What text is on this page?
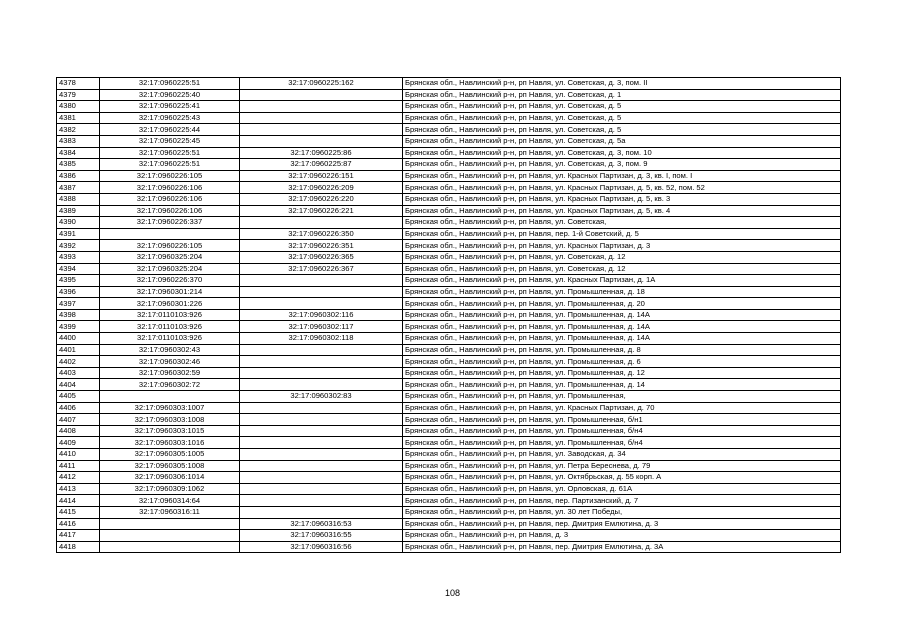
4378	32:17:0960225:51	32:17:0960225:162	Брянская обл., Навлинский р-н, рп Навля, ул. Советская, д. 3, пом. II
4379	32:17:0960225:40		Брянская обл., Навлинский р-н, рп Навля, ул. Советская, д. 1
4380	32:17:0960225:41		Брянская обл., Навлинский р-н, рп Навля, ул. Советская, д. 5
4381	32:17:0960225:43		Брянская обл., Навлинский р-н, рп Навля, ул. Советская, д. 5
4382	32:17:0960225:44		Брянская обл., Навлинский р-н, рп Навля, ул. Советская, д. 5
4383	32:17:0960225:45		Брянская обл., Навлинский р-н, рп Навля, ул. Советская, д. 5а
4384	32:17:0960225:51	32:17:0960225:86	Брянская обл., Навлинский р-н, рп Навля, ул. Советская, д. 3, пом. 10
4385	32:17:0960225:51	32:17:0960225:87	Брянская обл., Навлинский р-н, рп Навля, ул. Советская, д. 3, пом. 9
4386	32:17:0960226:105	32:17:0960226:151	Брянская обл., Навлинский р-н, рп Навля, ул. Красных Партизан, д. 3, кв. I, пом. I
4387	32:17:0960226:106	32:17:0960226:209	Брянская обл., Навлинский р-н, рп Навля, ул. Красных Партизан, д. 5, кв. 52, пом. 52
4388	32:17:0960226:106	32:17:0960226:220	Брянская обл., Навлинский р-н, рп Навля, ул. Красных Партизан, д. 5, кв. 3
4389	32:17:0960226:106	32:17:0960226:221	Брянская обл., Навлинский р-н, рп Навля, ул. Красных Партизан, д. 5, кв. 4
4390	32:17:0960226:337		Брянская обл., Навлинский р-н, рп Навля, ул. Советская,
4391		32:17:0960226:350	Брянская обл., Навлинский р-н, рп Навля, пер. 1-й Советский, д. 5
4392	32:17:0960226:105	32:17:0960226:351	Брянская обл., Навлинский р-н, рп Навля, ул. Красных Партизан, д. 3
4393	32:17:0960325:204	32:17:0960226:365	Брянская обл., Навлинский р-н, рп Навля, ул. Советская, д. 12
4394	32:17:0960325:204	32:17:0960226:367	Брянская обл., Навлинский р-н, рп Навля, ул. Советская, д. 12
4395	32:17:0960226:370		Брянская обл., Навлинский р-н, рп Навля, ул. Красных Партизан, д. 1А
4396	32:17:0960301:214		Брянская обл., Навлинский р-н, рп Навля, ул. Промышленная, д. 18
4397	32:17:0960301:226		Брянская обл., Навлинский р-н, рп Навля, ул. Промышленная, д. 20
4398	32:17:0110103:926	32:17:0960302:116	Брянская обл., Навлинский р-н, рп Навля, ул. Промышленная, д. 14А
4399	32:17:0110103:926	32:17:0960302:117	Брянская обл., Навлинский р-н, рп Навля, ул. Промышленная, д. 14А
4400	32:17:0110103:926	32:17:0960302:118	Брянская обл., Навлинский р-н, рп Навля, ул. Промышленная, д. 14А
4401	32:17:0960302:43		Брянская обл., Навлинский р-н, рп Навля, ул. Промышленная, д. 8
4402	32:17:0960302:46		Брянская обл., Навлинский р-н, рп Навля, ул. Промышленная, д. 6
4403	32:17:0960302:59		Брянская обл., Навлинский р-н, рп Навля, ул. Промышленная, д. 12
4404	32:17:0960302:72		Брянская обл., Навлинский р-н, рп Навля, ул. Промышленная, д. 14
4405		32:17:0960302:83	Брянская обл., Навлинский р-н, рп Навля, ул. Промышленная,
4406	32:17:0960303:1007		Брянская обл., Навлинский р-н, рп Навля, ул. Красных Партизан, д. 70
4407	32:17:0960303:1008		Брянская обл., Навлинский р-н, рп Навля, ул. Промышленная, б/н1
4408	32:17:0960303:1015		Брянская обл., Навлинский р-н, рп Навля, ул. Промышленная, б/н4
4409	32:17:0960303:1016		Брянская обл., Навлинский р-н, рп Навля, ул. Промышленная, б/н4
4410	32:17:0960305:1005		Брянская обл., Навлинский р-н, рп Навля, ул. Заводская, д. 34
4411	32:17:0960305:1008		Брянская обл., Навлинский р-н, рп Навля, ул. Петра Береснева, д. 79
4412	32:17:0960306:1014		Брянская обл., Навлинский р-н, рп Навля, ул. Октябрьская, д. 55 корп. А
4413	32:17:0960309:1062		Брянская обл., Навлинский р-н, рп Навля, ул. Орловская, д. 61А
4414	32:17:0960314:64		Брянская обл., Навлинский р-н, рп Навля, пер. Партизанский, д. 7
4415	32:17:0960316:11		Брянская обл., Навлинский р-н, рп Навля, ул. 30 лет Победы,
4416		32:17:0960316:53	Брянская обл., Навлинский р-н, рп Навля, пер. Дмитрия Емлютина, д. 3
4417		32:17:0960316:55	Брянская обл., Навлинский р-н, рп Навля, д. 3
4418		32:17:0960316:56	Брянская обл., Навлинский р-н, рп Навля, пер. Дмитрия Емлютина, д. 3А
108
